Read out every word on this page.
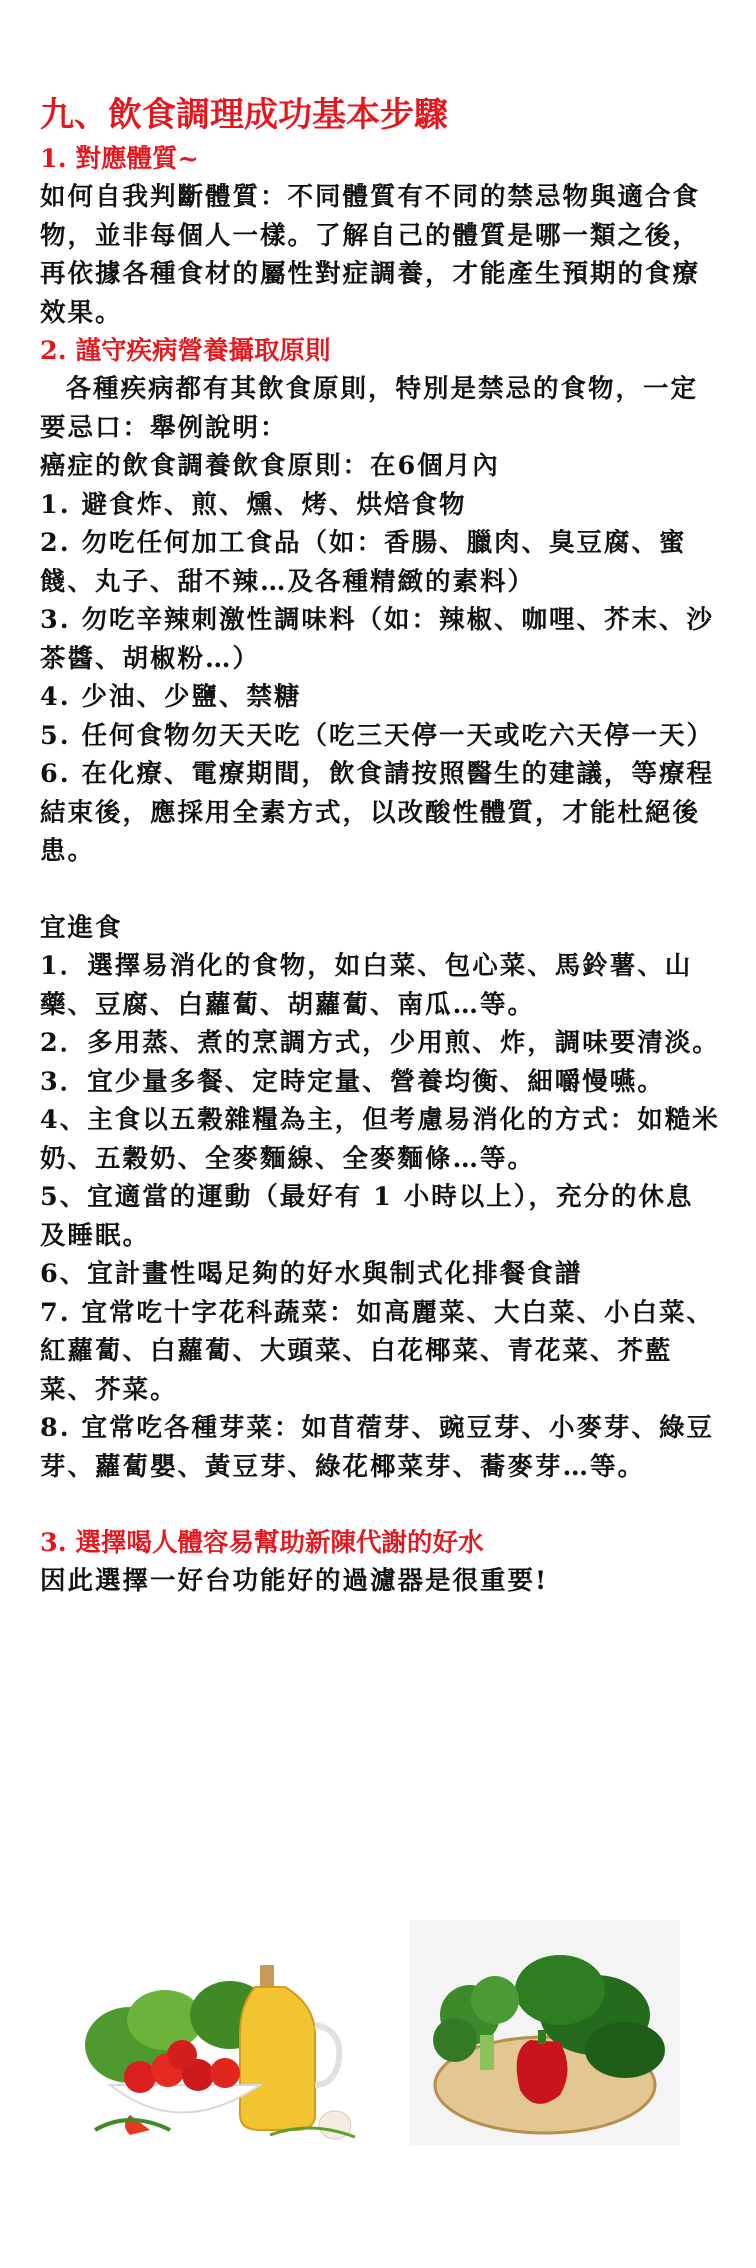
九、飲食調理成功基本步驟

1. 對應體質~

如何自我判斷體質：不同體質有不同的禁忌物與適合食物，並非每個人一樣。了解自己的體質是哪一類之後，再依據各種食材的屬性對症調養，才能產生預期的食療效果。

2. 謹守疾病營養攝取原則

各種疾病都有其飲食原則，特別是禁忌的食物，一定要忌口：舉例說明：

癌症的飲食調養飲食原則：在6個月內

1. 避食炸、煎、燻、烤、烘焙食物

2. 勿吃任何加工食品（如：香腸、臘肉、臭豆腐、蜜餞、丸子、甜不辣…及各種精緻的素料）

3. 勿吃辛辣刺激性調味料（如：辣椒、咖哩、芥末、沙茶醬、胡椒粉…）

4. 少油、少鹽、禁糖

5. 任何食物勿天天吃（吃三天停一天或吃六天停一天）

6. 在化療、電療期間，飲食請按照醫生的建議，等療程結束後，應採用全素方式，以改酸性體質，才能杜絕後患。

宜進食

1．選擇易消化的食物，如白菜、包心菜、馬鈴薯、山藥、豆腐、白蘿蔔、胡蘿蔔、南瓜…等。

2．多用蒸、煮的烹調方式，少用煎、炸，調味要清淡。

3．宜少量多餐、定時定量、營養均衡、細嚼慢嚥。

4、主食以五穀雜糧為主，但考慮易消化的方式：如糙米奶、五穀奶、全麥麵線、全麥麵條…等。

5、宜適當的運動（最好有 1 小時以上），充分的休息及睡眠。

6、宜計畫性喝足夠的好水與制式化排餐食譜

7. 宜常吃十字花科蔬菜：如高麗菜、大白菜、小白菜、紅蘿蔔、白蘿蔔、大頭菜、白花椰菜、青花菜、芥藍菜、芥菜。

8. 宜常吃各種芽菜：如苜蓿芽、豌豆芽、小麥芽、綠豆芽、蘿蔔嬰、黃豆芽、綠花椰菜芽、蕎麥芽…等。

3. 選擇喝人體容易幫助新陳代謝的好水

因此選擇一好台功能好的過濾器是很重要!
